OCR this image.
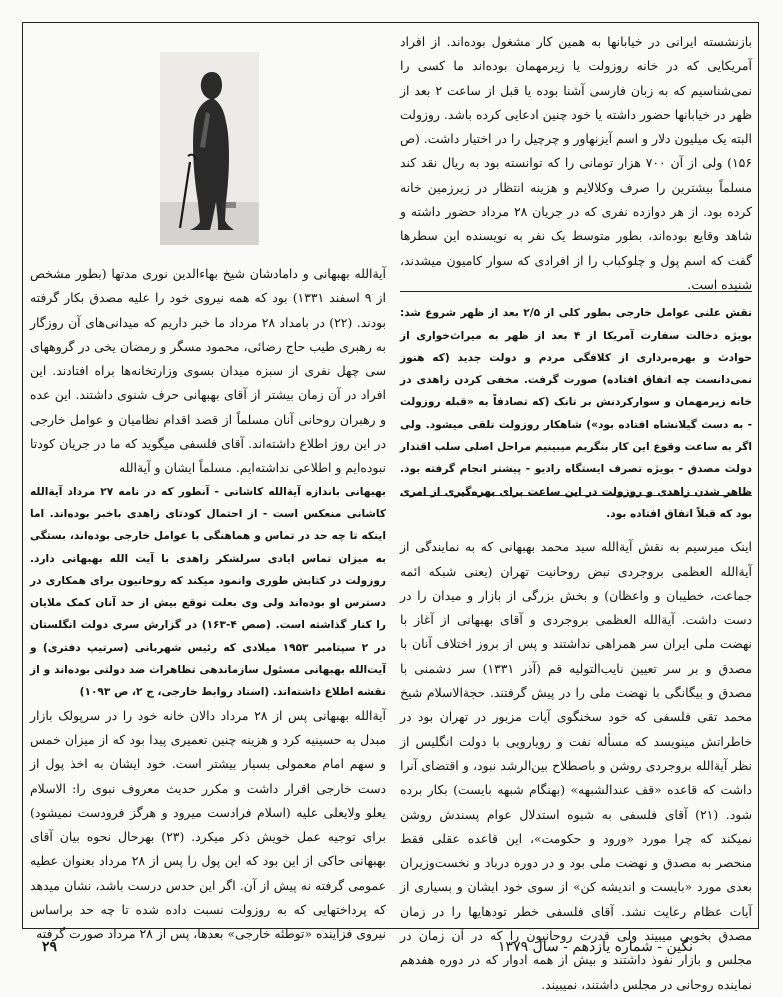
بازنشسته ایرانی در خیابانها به همین کار مشغول بوده‌اند. از افراد آمریکایی که در خانه روزولت یا زیرمهمان بوده‌اند ما کسی را نمی‌شناسیم که به زبان فارسی آشنا بوده یا قبل از ساعت ۲ بعد از ظهر در خیابانها حضور داشته یا خود چنین ادعایی کرده باشد. روزولت البته یک میلیون دلار و اسم آیزنهاور و چرچیل را در اختیار داشت. (ص ۱۵۶) ولی از آن ۷۰۰ هزار تومانی را که توانسته بود به ریال نقد کند مسلماً بیشترین را صرف وکلالایم و هزینه انتظار در زیرزمین خانه کرده بود. از هر دوازده نفری که در جریان ۲۸ مرداد حضور داشته و شاهد وقایع بوده‌اند، بطور متوسط یک نفر به نویسنده این سطرها گفت که اسم پول و چلوکباب را از افرادی که سوار کامیون میشدند، شنیده است.

نقش علنی عوامل خارجی بطور کلی از ۲/۵ بعد از ظهر شروع شد: بویژه دخالت سفارت آمریکا از ۴ بعد از ظهر به میراث‌خواری از حوادث و بهره‌برداری از کلافگی مردم و دولت جدید (که هنوز نمی‌دانست چه اتفاق افتاده) صورت گرفت. مخفی کردن زاهدی در خانه زیرمهمان و سوارکردنش بر تانک (که تصادفاً به «قبله روزولت - به دست گیلانشاه افتاده بود») شاهکار روزولت تلقی میشود. ولی اگر به ساعت وقوع این کار بنگریم میبینیم مراحل اصلی سلب اقتدار دولت مصدق - بویژه تصرف ایستگاه رادیو - پیشتر انجام گرفته بود. ظاهر شدن زاهدی و روزولت در این ساعت برای بهره‌گیری از امری بود که قبلاً اتفاق افتاده بود.

اینک میرسیم به نقش آیةالله سید محمد بهبهانی که به نمایندگی از آیةالله العظمی بروجردی نبض روحانیت تهران (یعنی شبکه ائمه جماعت، خطیبان و واعظان) و بخش بزرگی از بازار و میدان را در دست داشت. آیةالله العظمی بروجردی و آقای بهبهانی از آغاز با نهضت ملی ایران سر همراهی نداشتند و پس از بروز اختلاف آنان با مصدق و بر سر تعیین نایب‌التولیه قم (آذر ۱۳۳۱) سر دشمنی با مصدق و بیگانگی با نهضت ملی را در پیش گرفتند. حجةالاسلام شیخ محمد تقی فلسفی که خود سخنگوی آیات مزبور در تهران بود در خاطراتش مینویسد که مسأله نفت و رویارویی با دولت انگلیس از نظر آیةالله بروجردی روشن و باصطلاح بین‌الرشد نبود، و اقتضای آنرا داشت که قاعده «قف عندالشبهه» (بهنگام شبهه بایست) بکار برده شود. (۲۱) آقای فلسفی به شیوه استدلال عوام پسندش روشن نمیکند که چرا مورد «ورود و حکومت»، این قاعده عقلی فقط منحصر به مصدق و نهضت ملی بود و در دوره درباد و نخست‌وزیران بعدی مورد «بایست و اندیشه کن» از سوی خود ایشان و بسیاری از آیات عظام رعایت نشد. آقای فلسفی خطر تودهایها را در زمان مصدق بخوبی میبیند ولی قدرت روحانیون را که در آن زمان در مجلس و بازار نفوذ داشتند و بیش از همه ادوار که در دوره هفدهم نماینده روحانی در مجلس داشتند، نمیبیند.

آیةالله بهبهانی و دامادشان شیخ بهاءالدین نوری مدتها (بطور مشخص از ۹ اسفند ۱۳۳۱) بود که همه نیروی خود را علیه مصدق بکار گرفته بودند. (۲۲) در بامداد ۲۸ مرداد ما خبر داریم که میدانی‌های آن روزگار به رهبری طیب حاج رضائی، محمود مسگر و رمضان یخی در گروههای سی چهل نفری از سبزه میدان بسوی وزارتخانه‌ها براه افتادند. این افراد در آن زمان بیشتر از آقای بهبهانی حرف شنوی داشتند. این عده و رهبران روحانی آنان مسلماً از قصد اقدام نظامیان و عوامل خارجی در این روز اطلاع داشته‌اند. آقای فلسفی میگوید که ما در جریان کودتا نبوده‌ایم و اطلاعی نداشته‌ایم. مسلماً ایشان و آیةالله

بهبهانی باندازه آیةالله کاشانی - آنطور که در نامه ۲۷ مرداد آیةالله کاشانی منعکس است - از احتمال کودتای زاهدی باخبر بوده‌اند. اما اینکه تا چه حد در تماس و هماهنگی با عوامل خارجی بوده‌اند، بستگی به میزان تماس ایادی سرلشکر زاهدی با آیت الله بهبهانی دارد. روزولت در کتابش طوری وانمود میکند که روحانیون برای همکاری در دسترس او بوده‌اند ولی وی بعلت توقع بیش از حد آنان کمک ملایان را کنار گذاشته است. (صص ۴-۱۶۳) در گزارش سری دولت انگلستان در ۲ سپتامبر ۱۹۵۳ میلادی که رئیس شهربانی (سرتیپ دفتری) و آیت‌الله بهبهانی مسئول سازماندهی تظاهرات ضد دولتی بوده‌اند و از نقشه اطلاع داشته‌اند. (اسناد روابط خارجی، ج ۲، ص ۱۰۹۳)

آیةالله بهبهانی پس از ۲۸ مرداد دالان خانه خود را در سرپولک بازار مبدل به حسینیه کرد و هزینه چنین تعمیری پیدا بود که از میزان خمس و سهم امام معمولی بسیار بیشتر است. خود ایشان به اخذ پول از دست خارجی اقرار داشت و مکرر حدیث معروف نبوی را: الاسلام یعلو ولایعلی علیه (اسلام فرادست میرود و هرگز فرودست نمیشود) برای توجیه عمل خویش ذکر میکرد. (۲۳) بهرحال نحوه بیان آقای بهبهانی حاکی از این بود که این پول را پس از ۲۸ مرداد بعنوان عطیه عمومی گرفته نه پیش از آن. اگر این حدس درست باشد، نشان میدهد که پرداختهایی که به روزولت نسبت داده شده تا چه حد براساس نیروی فزاینده «توطئه خارجی» بعدها، پس از ۲۸ مرداد صورت گرفته

نگین - شماره یازدهم - سال ۱۳۷۹
۲۹
